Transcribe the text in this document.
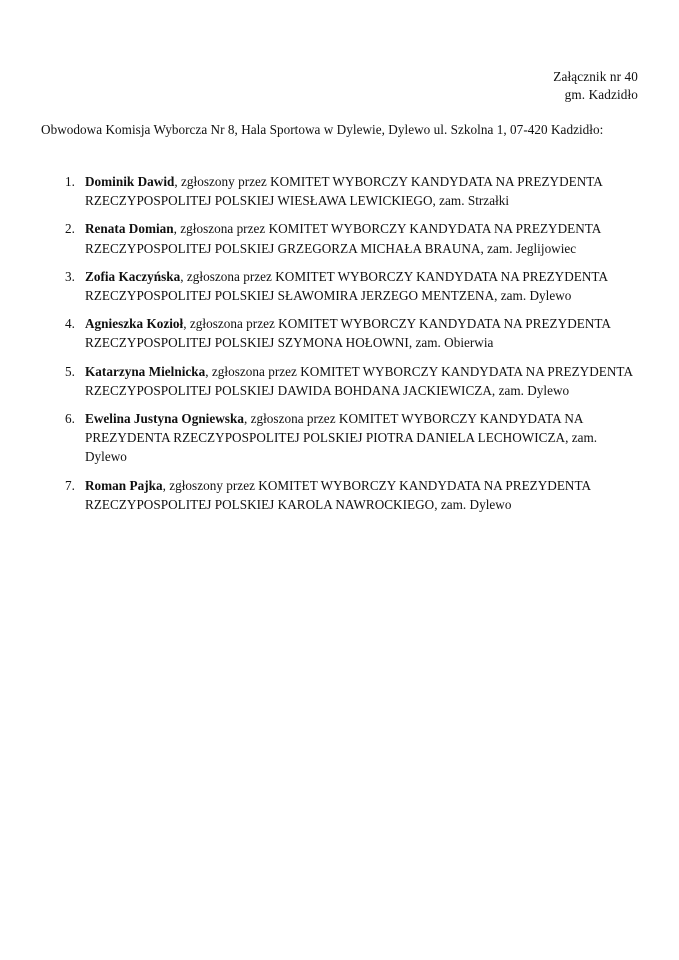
Załącznik nr 40
gm. Kadzidło
Obwodowa Komisja Wyborcza Nr 8, Hala Sportowa w Dylewie, Dylewo ul. Szkolna 1, 07-420 Kadzidło:
1. Dominik Dawid, zgłoszony przez KOMITET WYBORCZY KANDYDATA NA PREZYDENTA RZECZYPOSPOLITEJ POLSKIEJ WIESŁAWA LEWICKIEGO, zam. Strzałki
2. Renata Domian, zgłoszona przez KOMITET WYBORCZY KANDYDATA NA PREZYDENTA RZECZYPOSPOLITEJ POLSKIEJ GRZEGORZA MICHAŁA BRAUNA, zam. Jeglijowiec
3. Zofia Kaczyńska, zgłoszona przez KOMITET WYBORCZY KANDYDATA NA PREZYDENTA RZECZYPOSPOLITEJ POLSKIEJ SŁAWOMIRA JERZEGO MENTZENA, zam. Dylewo
4. Agnieszka Kozioł, zgłoszona przez KOMITET WYBORCZY KANDYDATA NA PREZYDENTA RZECZYPOSPOLITEJ POLSKIEJ SZYMONA HOŁOWNI, zam. Obierwia
5. Katarzyna Mielnicka, zgłoszona przez KOMITET WYBORCZY KANDYDATA NA PREZYDENTA RZECZYPOSPOLITEJ POLSKIEJ DAWIDA BOHDANA JACKIEWICZA, zam. Dylewo
6. Ewelina Justyna Ogniewska, zgłoszona przez KOMITET WYBORCZY KANDYDATA NA PREZYDENTA RZECZYPOSPOLITEJ POLSKIEJ PIOTRA DANIELA LECHOWICZA, zam. Dylewo
7. Roman Pajka, zgłoszony przez KOMITET WYBORCZY KANDYDATA NA PREZYDENTA RZECZYPOSPOLITEJ POLSKIEJ KAROLA NAWROCKIEGO, zam. Dylewo
